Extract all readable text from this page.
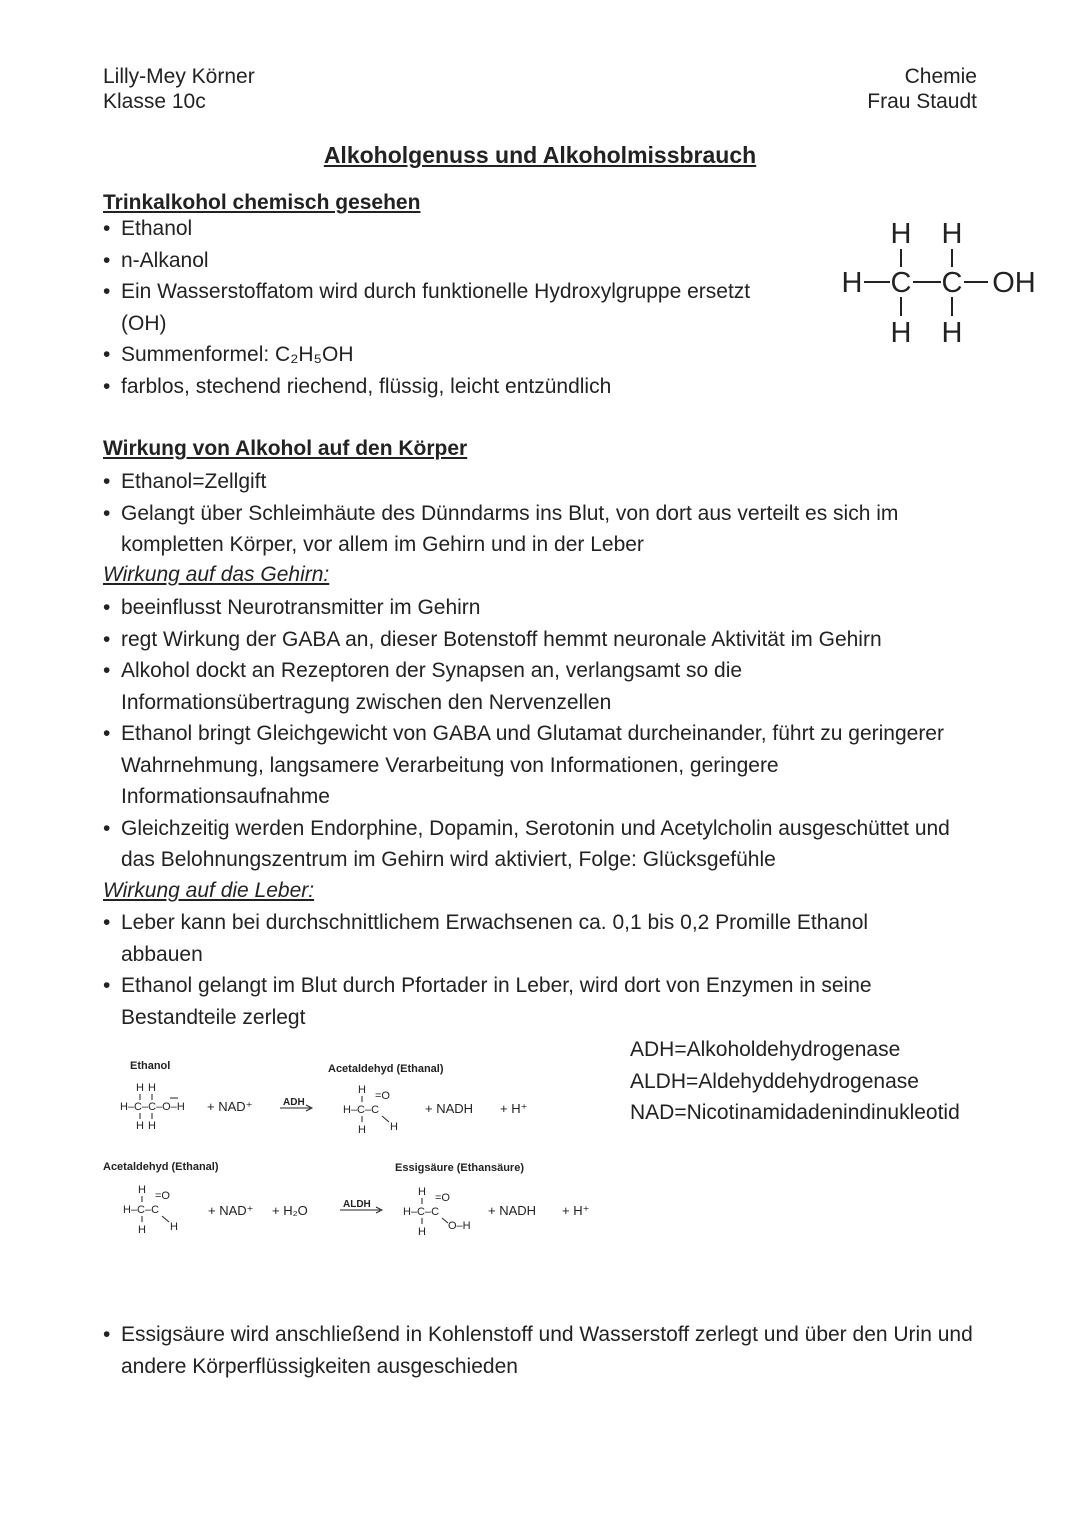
Lilly-Mey Körner
Klasse 10c
Chemie
Frau Staudt
Alkoholgenuss und Alkoholmissbrauch
Trinkalkohol chemisch gesehen
• Ethanol
• n-Alkanol
• Ein Wasserstoffatom wird durch funktionelle Hydroxylgruppe ersetzt (OH)
• Summenformel: C₂H₅OH
• farblos, stechend riechend, flüssig, leicht entzündlich
H H
H C C OH
H H
Wirkung von Alkohol auf den Körper
• Ethanol=Zellgift
• Gelangt über Schleimhäute des Dünndarms ins Blut, von dort aus verteilt es sich im kompletten Körper, vor allem im Gehirn und in der Leber
Wirkung auf das Gehirn:
• beeinflusst Neurotransmitter im Gehirn
• regt Wirkung der GABA an, dieser Botenstoff hemmt neuronale Aktivität im Gehirn
• Alkohol dockt an Rezeptoren der Synapsen an, verlangsamt so die Informationsübertragung zwischen den Nervenzellen
• Ethanol bringt Gleichgewicht von GABA und Glutamat durcheinander, führt zu geringerer Wahrnehmung, langsamere Verarbeitung von Informationen, geringere Informationsaufnahme
• Gleichzeitig werden Endorphine, Dopamin, Serotonin und Acetylcholin ausgeschüttet und das Belohnungszentrum im Gehirn wird aktiviert, Folge: Glücksgefühle
Wirkung auf die Leber:
• Leber kann bei durchschnittlichem Erwachsenen ca. 0,1 bis 0,2 Promille Ethanol abbauen
• Ethanol gelangt im Blut durch Pfortader in Leber, wird dort von Enzymen in seine Bestandteile zerlegt
ADH=Alkoholdehydrogenase
ALDH=Aldehyddehydrogenase
NAD=Nicotinamidadenindinukleotid
Ethanol	Acetaldehyd (Ethanal)
H H
H–C–C–O–H
H H
+ NAD⁺	ADH
H
H–C–C
=O
H H
+ NADH + H⁺
Acetaldehyd (Ethanal)	Essigsäure (Ethansäure)
H
H–C–C
=O
H H
+ NAD⁺ + H₂O	ALDH
H
H–C–C
=O
H O–H
+ NADH + H⁺
• Essigsäure wird anschließend in Kohlenstoff und Wasserstoff zerlegt und über den Urin und andere Körperflüssigkeiten ausgeschieden
